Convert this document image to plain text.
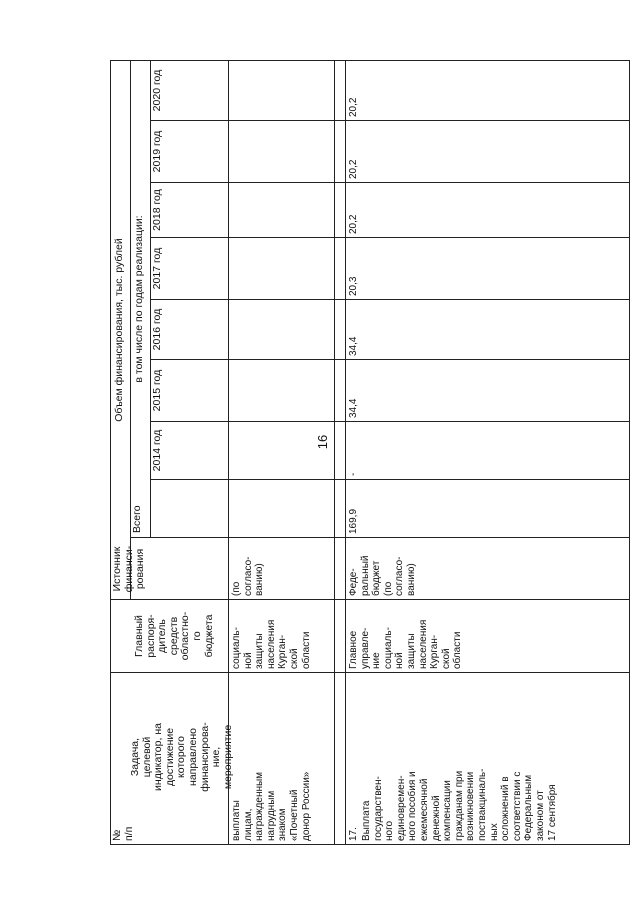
16
№
п/п
Задача,
целевой
индикатор, на
достижение
которого
направлено
финансирова-
ние,
мероприятие
Главный
распоря-
дитель
средств
областно-
го
бюджета
Источник
финанси-
рования
Объем финансирования, тыс. рублей
Всего
в том числе по годам реализации:
2014 год
2015 год
2016 год
2017 год
2018 год
2019 год
2020 год
выплаты
лицам,
награжденным
нагрудным
знаком
«Почетный
донор России»
социаль-
ной
защиты
населения
Курган-
ской
области
(по
согласо-
ванию)
17. Выплата
государствен-
ного
единовремен-
ного пособия и
ежемесячной
денежной
компенсации
гражданам при
возникновении
поствакциналь-
ных
осложнений в
соответствии с
Федеральным
законом от
17 сентября
Главное
управле-
ние
социаль-
ной
защиты
населения
Курган-
ской
области
Феде-
ральный
бюджет
(по
согласо-
ванию)
169,9
-
34,4
34,4
20,3
20,2
20,2
20,2
